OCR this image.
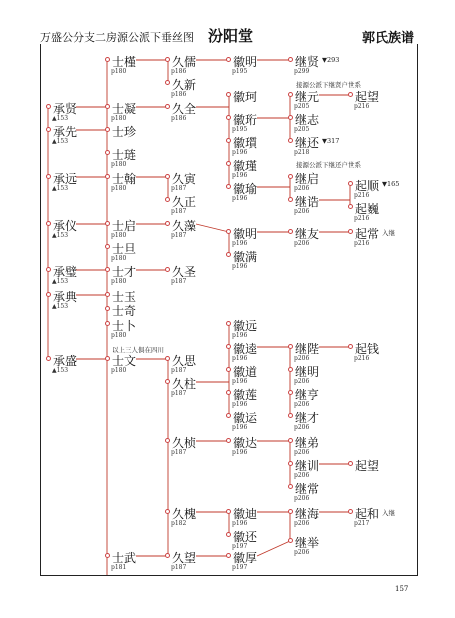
万盛公分支二房源公派下垂丝图 汾阳堂	郭氏族谱
士槿
p180
久儒
p186
徽明
p195
继贤
p299
▼293
久新
p186
承贤
▲153
士凝
p180
久全
p186
徽珂	继元
p205
起望
p216
徽珩
p195
继志
p205
承先
▲153
士珍
继还
p218
▼317
徽瓆
p196
士琏
p180	徽瑾
p196
承远
▲153
士翰
p180
久寅
p187
继启
p206
徽瑜
p196
起顺
p216
▼165
久正
p187
继诰
p206	起巍
p216
承仪
▲153
士启
p180
久藻
p187	徽明
p196
继友
p206
起常
p216
入继
士旦
p180	徽满
p196
承璧
▲153
士才
p180
久圣
p187
承典
▲153
士玉
士奇
士卜
p180
徽远
p196
徽逵
p196
继陛
p206
起钱
p216
承盛
▲153
士文
p180
久思
p187	徽道
p196
继明
p206
久柱
p187	徽莲
p196
继亨
p206
徽运
p196
继才
p206
久桢
p187
徽达
p196
继弟
p206
继训
p206
起望
继常
p206
久槐
p182
徽迪
p196
继海
p206
起和
p217
入继
徽还
p197	继举
p206
士武
p181
久望
p187
徽厚
p197
接源公派下继贤户世系
接源公派下继还户世系
以上三人俱在四川
157
